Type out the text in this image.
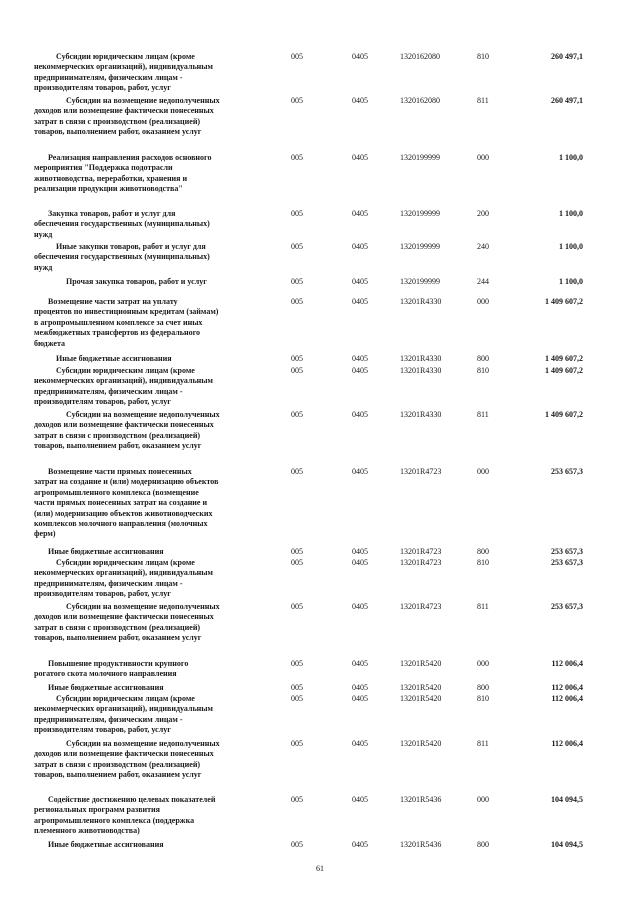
Субсидии юридическим лицам (кроме
некоммерческих организаций), индивидуальным
предпринимателям, физическим лицам -
производителям товаров, работ, услуг
005	0405	1320162080	810	260 497,1
Субсидии на возмещение недополученных
доходов или возмещение фактически понесенных
затрат в связи с производством (реализацией)
товаров, выполнением работ, оказанием услуг
005	0405	1320162080	811	260 497,1
Реализация направления расходов основного
мероприятия "Поддержка подотрасли
животноводства, переработки, хранения и
реализации продукции животноводства"
005	0405	1320199999	000	1 100,0
Закупка товаров, работ и услуг для
обеспечения государственных (муниципальных)
нужд
005	0405	1320199999	200	1 100,0
Иные закупки товаров, работ и услуг для
обеспечения государственных (муниципальных)
нужд
005	0405	1320199999	240	1 100,0
Прочая закупка товаров, работ и услуг	005	0405	1320199999	244	1 100,0
Возмещение части затрат на уплату
процентов по инвестиционным кредитам (займам)
в агропромышленном комплексе за счет иных
межбюджетных трансфертов из федерального
бюджета
005	0405	13201R4330	000	1 409 607,2
Иные бюджетные ассигнования	005	0405	13201R4330	800	1 409 607,2
Субсидии юридическим лицам (кроме
некоммерческих организаций), индивидуальным
предпринимателям, физическим лицам -
производителям товаров, работ, услуг
005	0405	13201R4330	810	1 409 607,2
Субсидии на возмещение недополученных
доходов или возмещение фактически понесенных
затрат в связи с производством (реализацией)
товаров, выполнением работ, оказанием услуг
005	0405	13201R4330	811	1 409 607,2
Возмещение части прямых понесенных
затрат на создание и (или) модернизацию объектов
агропромышленного комплекса (возмещение
части прямых понесенных затрат на создание и
(или) модернизацию объектов животноводческих
комплексов молочного направления (молочных
ферм)
005	0405	13201R4723	000	253 657,3
Иные бюджетные ассигнования	005	0405	13201R4723	800	253 657,3
Субсидии юридическим лицам (кроме
некоммерческих организаций), индивидуальным
предпринимателям, физическим лицам -
производителям товаров, работ, услуг
005	0405	13201R4723	810	253 657,3
Субсидии на возмещение недополученных
доходов или возмещение фактически понесенных
затрат в связи с производством (реализацией)
товаров, выполнением работ, оказанием услуг
005	0405	13201R4723	811	253 657,3
Повышение продуктивности крупного
рогатого скота молочного направления
005	0405	13201R5420	000	112 006,4
Иные бюджетные ассигнования	005	0405	13201R5420	800	112 006,4
Субсидии юридическим лицам (кроме
некоммерческих организаций), индивидуальным
предпринимателям, физическим лицам -
производителям товаров, работ, услуг
005	0405	13201R5420	810	112 006,4
Субсидии на возмещение недополученных
доходов или возмещение фактически понесенных
затрат в связи с производством (реализацией)
товаров, выполнением работ, оказанием услуг
005	0405	13201R5420	811	112 006,4
Содействие достижению целевых показателей
региональных программ развития
агропромышленного комплекса (поддержка
племенного животноводства)
005	0405	13201R5436	000	104 094,5
Иные бюджетные ассигнования	005	0405	13201R5436	800	104 094,5
61
